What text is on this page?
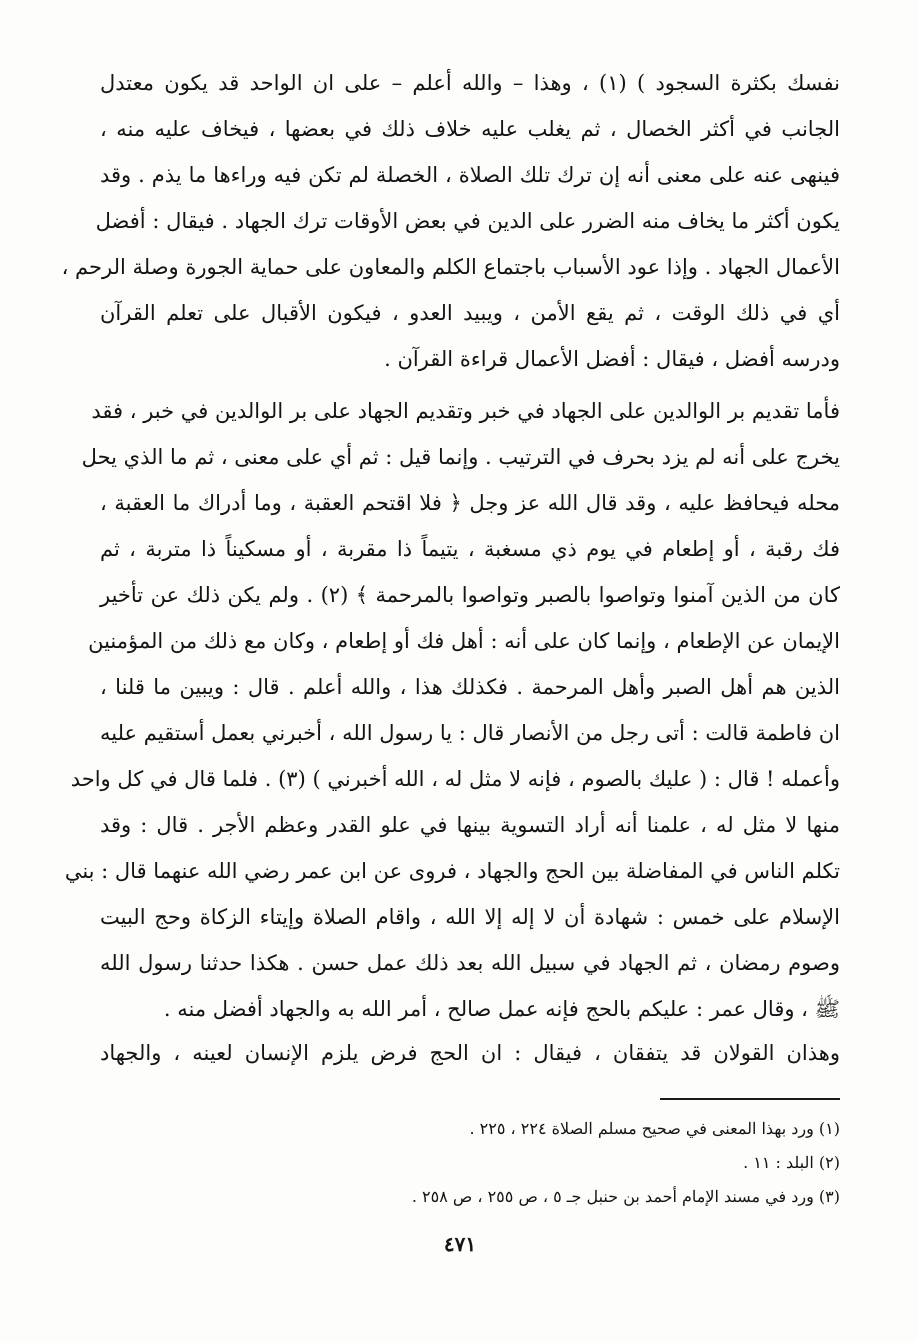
نفسك بكثرة السجود ) (١) ، وهذا – والله أعلم – على ان الواحد قد يكون معتدل
الجانب في أكثر الخصال ، ثم يغلب عليه خلاف ذلك في بعضها ، فيخاف عليه منه ،
فينهى عنه على معنى أنه إن ترك تلك الصلاة ، الخصلة لم تكن فيه وراءها ما يذم . وقد
يكون أكثر ما يخاف منه الضرر على الدين في بعض الأوقات ترك الجهاد . فيقال : أفضل
الأعمال الجهاد . وإذا عود الأسباب باجتماع الكلم والمعاون على حماية الجورة وصلة الرحم ،
أي في ذلك الوقت ، ثم يقع الأمن ، ويبيد العدو ، فيكون الأقبال على تعلم القرآن
ودرسه أفضل ، فيقال : أفضل الأعمال قراءة القرآن .
فأما تقديم بر الوالدين على الجهاد في خبر وتقديم الجهاد على بر الوالدين في خبر ، فقد
يخرج على أنه لم يزد بحرف في الترتيب . وإنما قيل : ثم أي على معنى ، ثم ما الذي يحل
محله فيحافظ عليه ، وقد قال الله عز وجل ﴿ فلا اقتحم العقبة ، وما أدراك ما العقبة ،
فك رقبة ، أو إطعام في يوم ذي مسغبة ، يتيماً ذا مقربة ، أو مسكيناً ذا متربة ، ثم
كان من الذين آمنوا وتواصوا بالصبر وتواصوا بالمرحمة ﴾ (٢) . ولم يكن ذلك عن تأخير
الإيمان عن الإطعام ، وإنما كان على أنه : أهل فك أو إطعام ، وكان مع ذلك من المؤمنين
الذين هم أهل الصبر وأهل المرحمة . فكذلك هذا ، والله أعلم . قال : ويبين ما قلنا ،
ان فاطمة قالت : أتى رجل من الأنصار قال : يا رسول الله ، أخبرني بعمل أستقيم عليه
وأعمله ! قال : ( عليك بالصوم ، فإنه لا مثل له ، الله أخبرني ) (٣) . فلما قال في كل واحد
منها لا مثل له ، علمنا أنه أراد التسوية بينها في علو القدر وعظم الأجر . قال : وقد
تكلم الناس في المفاضلة بين الحج والجهاد ، فروى عن ابن عمر رضي الله عنهما قال : بني
الإسلام على خمس : شهادة أن لا إله إلا الله ، واقام الصلاة وإيتاء الزكاة وحج البيت
وصوم رمضان ، ثم الجهاد في سبيل الله بعد ذلك عمل حسن . هكذا حدثنا رسول الله
ﷺ ، وقال عمر : عليكم بالحج فإنه عمل صالح ، أمر الله به والجهاد أفضل منه .
وهذان القولان قد يتفقان ، فيقال : ان الحج فرض يلزم الإنسان لعينه ، والجهاد
(١) ورد بهذا المعنى في صحيح مسلم الصلاة ٢٢٤ ، ٢٢٥ .
(٢) البلد : ١١ .
(٣) ورد في مسند الإمام أحمد بن حنبل جـ ٥ ، ص ٢٥٥ ، ص ٢٥٨ .
٤٧١
